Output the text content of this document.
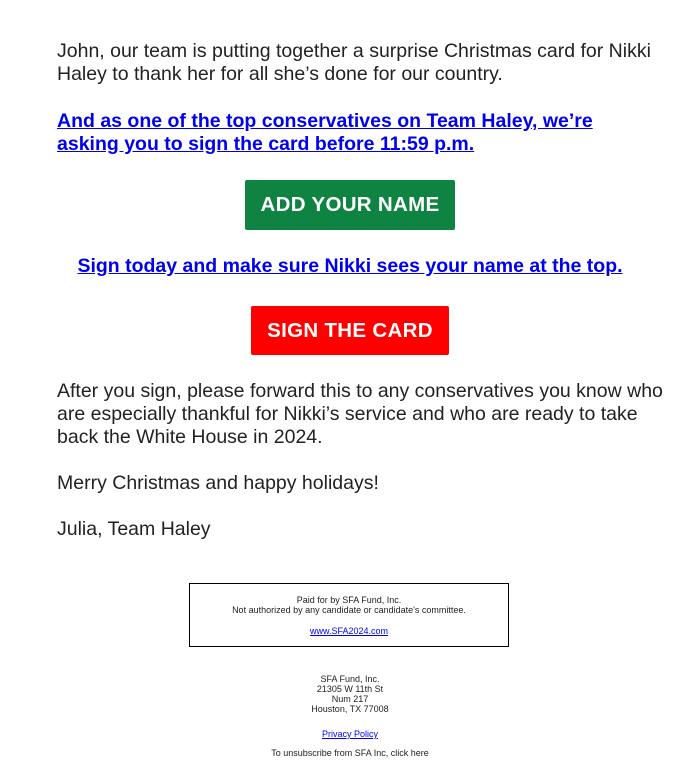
John, our team is putting together a surprise Christmas card for Nikki Haley to thank her for all she’s done for our country.
And as one of the top conservatives on Team Haley, we’re asking you to sign the card before 11:59 p.m.
ADD YOUR NAME
Sign today and make sure Nikki sees your name at the top.
SIGN THE CARD
After you sign, please forward this to any conservatives you know who are especially thankful for Nikki’s service and who are ready to take back the White House in 2024.
Merry Christmas and happy holidays!
Julia, Team Haley
Paid for by SFA Fund, Inc.
Not authorized by any candidate or candidate's committee.
www.SFA2024.com
SFA Fund, Inc.
21305 W 11th St
Num 217
Houston, TX 77008
Privacy Policy
To unsubscribe from SFA Inc, click here
